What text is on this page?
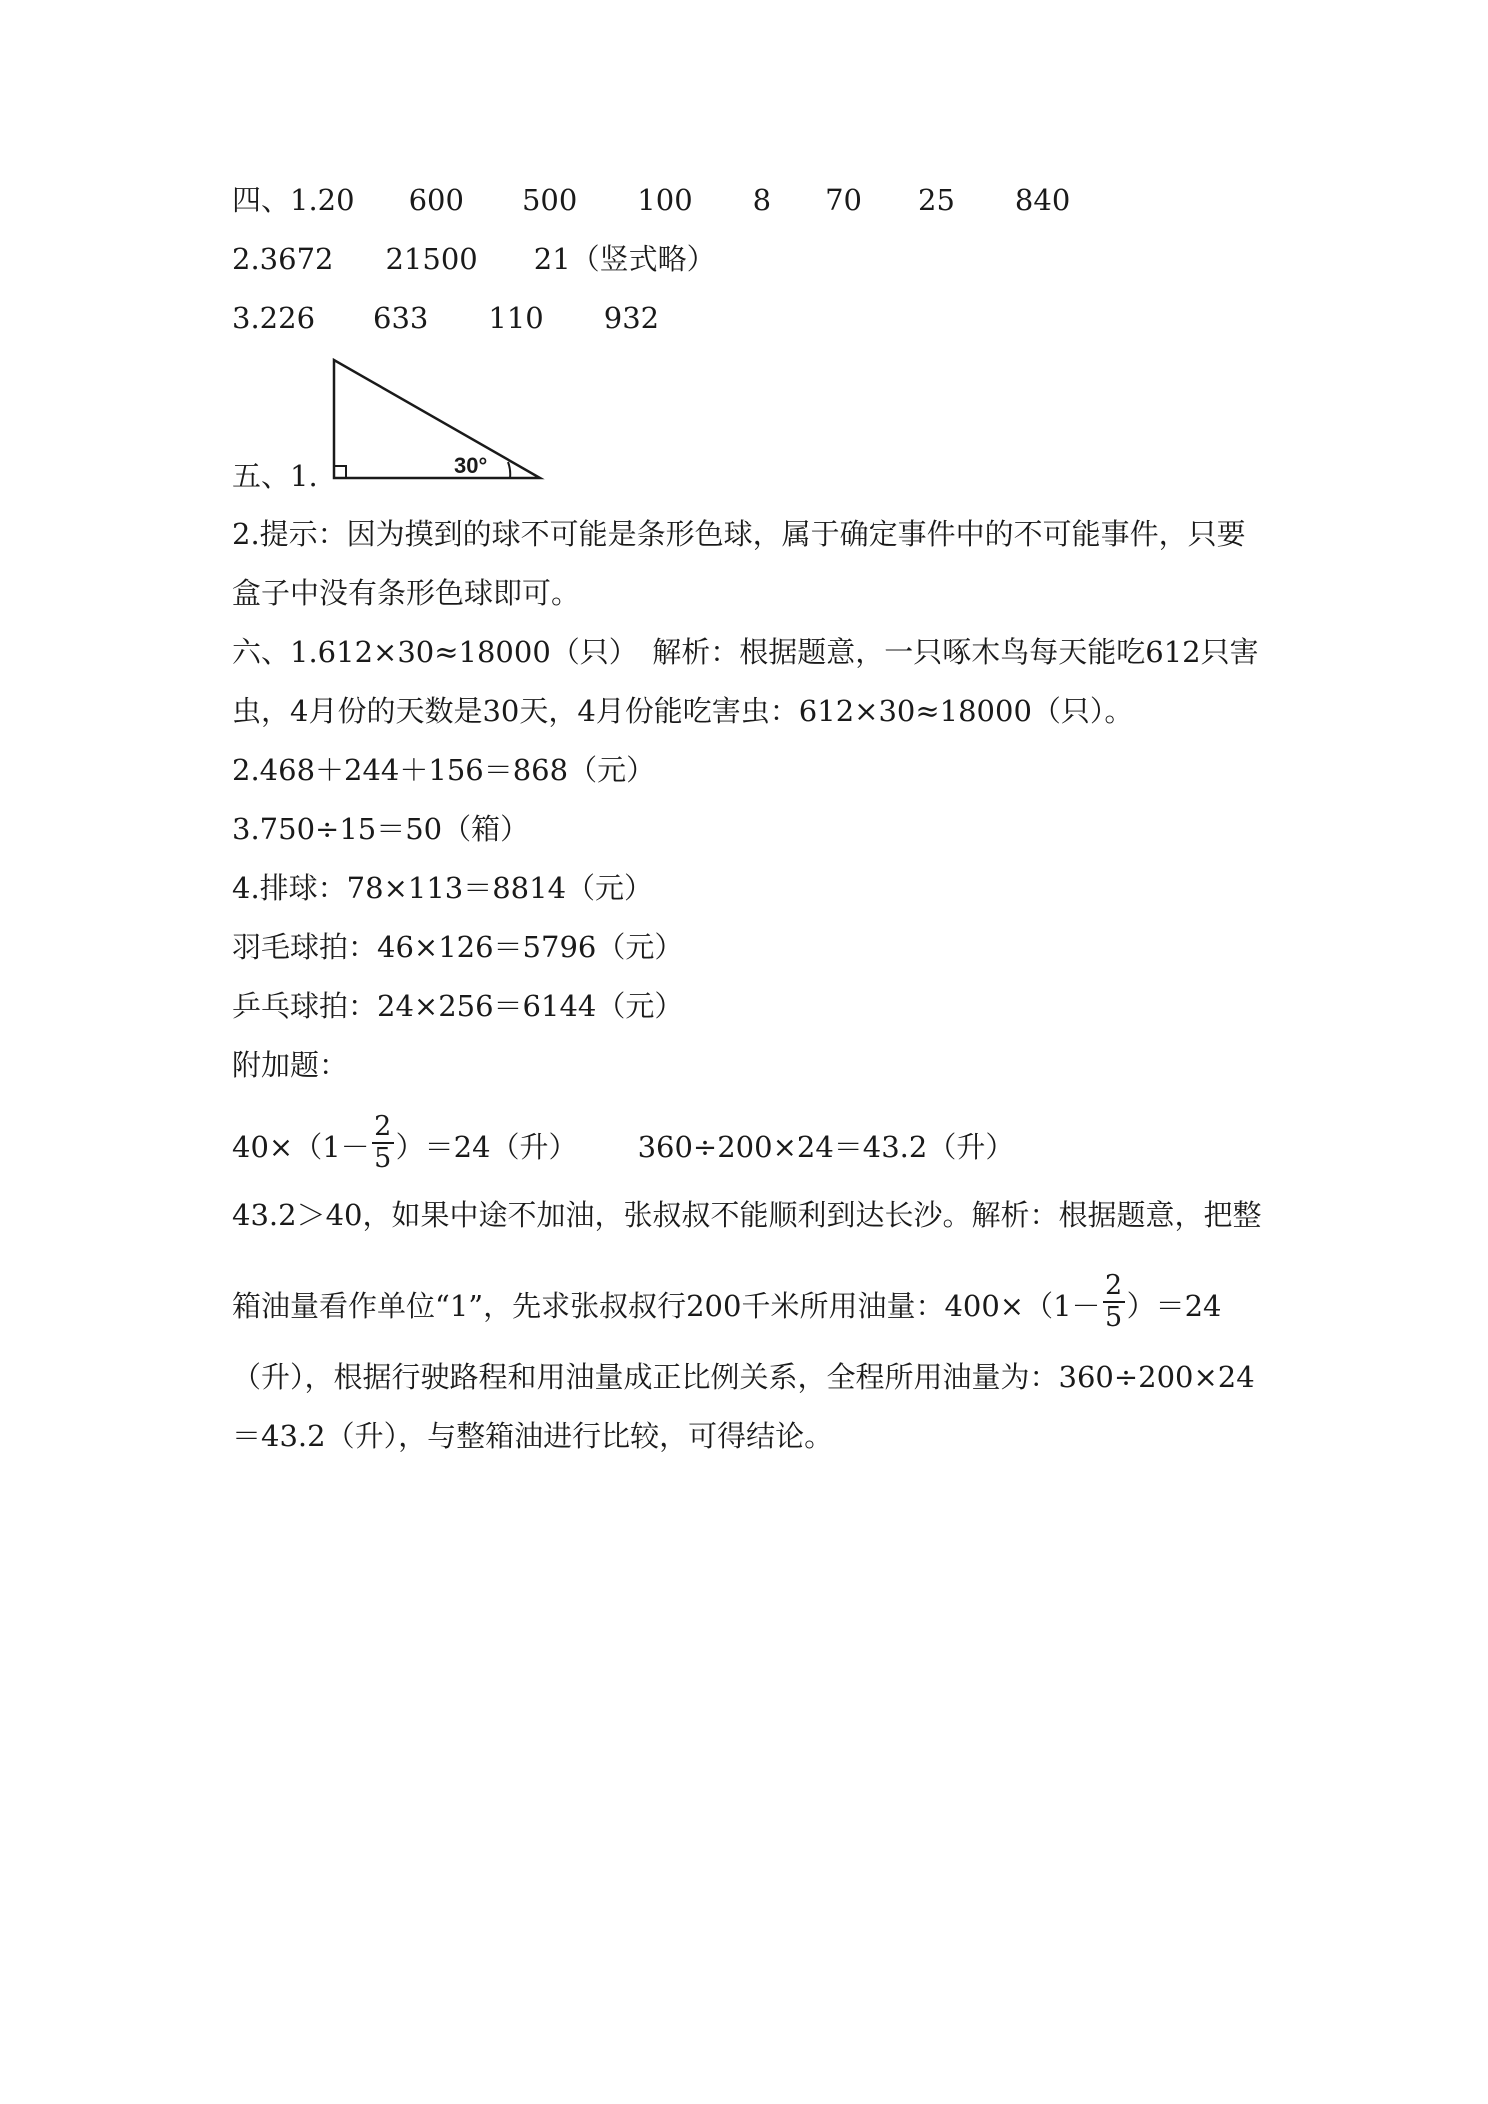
四、1.20 600 500 100 8 70 25 840
2.3672 21500 21（竖式略）
3.226 633 110 932
五、1.	30°
2.提示：因为摸到的球不可能是条形色球，属于确定事件中的不可能事件，只要
盒子中没有条形色球即可。
六、1.612×30≈18000（只）　解析：根据题意，一只啄木鸟每天能吃612只害
虫，4月份的天数是30天，4月份能吃害虫：612×30≈18000（只）。
2.468＋244＋156＝868（元）
3.750÷15＝50（箱）
4.排球：78×113＝8814（元）
羽毛球拍：46×126＝5796（元）
乒乓球拍：24×256＝6144（元）
附加题：
$40\times(1- \frac{2}{5} )=24$（升） 360÷200×24＝43.2（升）
43.2＞40，如果中途不加油，张叔叔不能顺利到达长沙。解析：根据题意，把整
箱油量看作单位“1”，先求张叔叔行200千米所用油量：$400\times(1- \frac{2}{5} )=24$
（升），根据行驶路程和用油量成正比例关系，全程所用油量为：360÷200×24
＝43.2（升），与整箱油进行比较，可得结论。
